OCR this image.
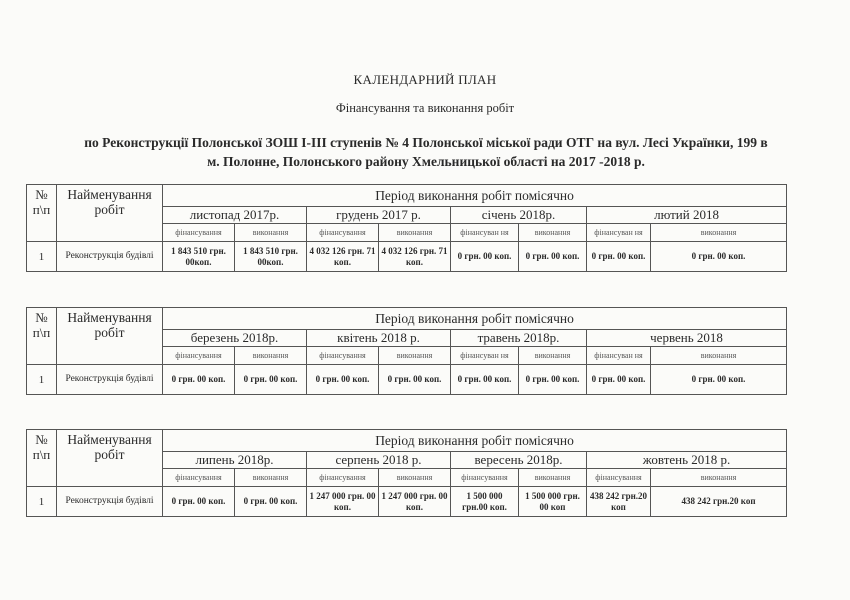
КАЛЕНДАРНИЙ ПЛАН
Фінансування та виконання робіт
по Реконструкції Полонської ЗОШ І-ІІІ ступенів № 4 Полонської міської ради ОТГ на вул. Лесі Українки, 199 в
м. Полонне, Полонського району Хмельницької області на 2017 -2018 р.
№ п\п	Найменування робіт	Період виконання робіт помісячно							
		листопад 2017р.		грудень 2017 р.		січень 2018р.		лютий 2018	
		фінансування	виконання	фінансування	виконання	фінансуван ня	виконання	фінансуван ня	виконання
1	Реконструкція будівлі	1 843 510 грн. 00коп.	1 843 510 грн. 00коп.	4 032 126 грн. 71 коп.	4 032 126 грн. 71 коп.	0 грн. 00 коп.	0 грн. 00 коп.	0 грн. 00 коп.	0 грн. 00 коп.
№ п\п	Найменування робіт	Період виконання робіт помісячно							
		березень 2018р.		квітень 2018 р.		травень 2018р.		червень 2018	
		фінансування	виконання	фінансування	виконання	фінансуван ня	виконання	фінансуван ня	виконання
1	Реконструкція будівлі	0 грн. 00 коп.	0 грн. 00 коп.	0 грн. 00 коп.	0 грн. 00 коп.	0 грн. 00 коп.	0 грн. 00 коп.	0 грн. 00 коп.	0 грн. 00 коп.
№ п\п	Найменування робіт	Період виконання робіт помісячно							
		липень 2018р.		серпень 2018 р.		вересень 2018р.		жовтень 2018 р.	
		фінансування	виконання	фінансування	виконання	фінансування	виконання	фінансування	виконання
1	Реконструкція будівлі	0 грн. 00 коп.	0 грн. 00 коп.	1 247 000 грн. 00 коп.	1 247 000 грн. 00 коп.	1 500 000 грн.00 коп.	1 500 000 грн. 00 коп	438 242 грн.20 коп	438 242 грн.20 коп
